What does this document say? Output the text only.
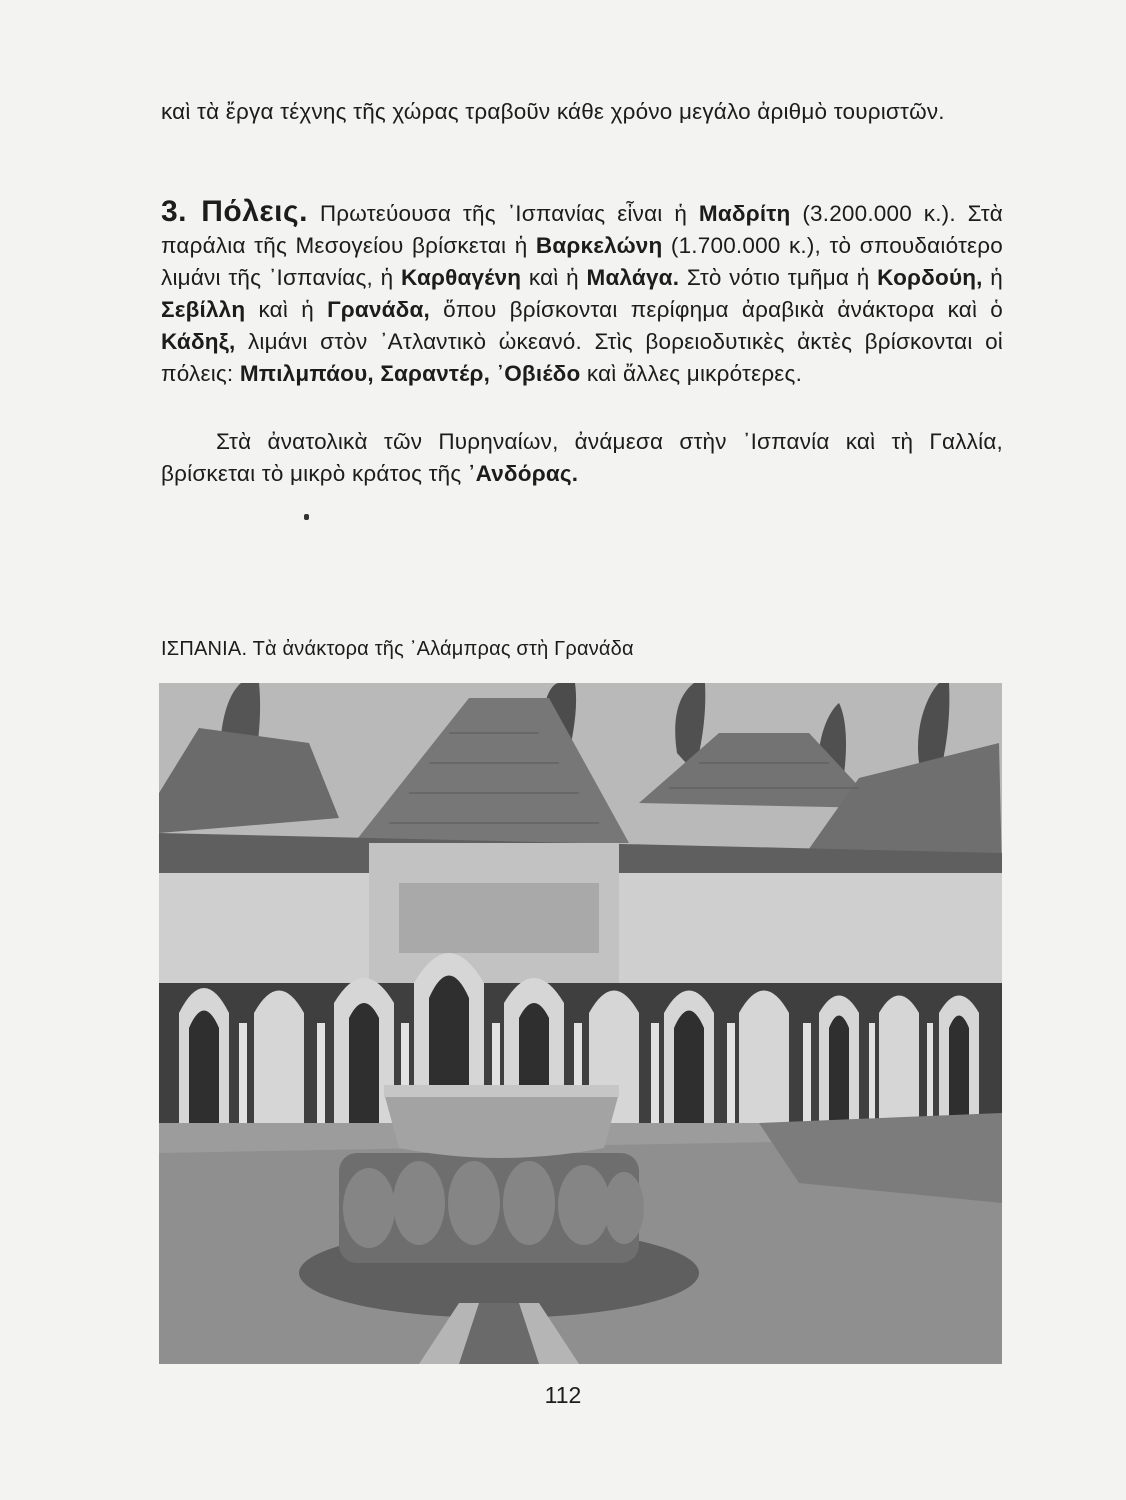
καὶ τὰ ἔργα τέχνης τῆς χώρας τραβοῦν κάθε χρόνο μεγάλο ἀριθμὸ τουριστῶν.
3. Πόλεις. Πρωτεύουσα τῆς ᾿Ισπανίας εἶναι ἡ Μαδρίτη (3.200.000 κ.). Στὰ παράλια τῆς Μεσογείου βρίσκεται ἡ Βαρκελώνη (1.700.000 κ.), τὸ σπουδαιότερο λιμάνι τῆς ᾿Ισπανίας, ἡ Καρθαγένη καὶ ἡ Μαλάγα. Στὸ νότιο τμῆμα ἡ Κορδούη, ἡ Σεβίλλη καὶ ἡ Γρανάδα, ὅπου βρίσκονται περίφημα ἀραβικὰ ἀνάκτορα καὶ ὁ Κάδηξ, λιμάνι στὸν ᾿Ατλαντικὸ ὠκεανό. Στὶς βορειοδυτικὲς ἀκτὲς βρίσκονται οἱ πόλεις: Μπιλμπάου, Σαραντέρ, ᾿Οβιέδο καὶ ἄλλες μικρότερες.
Στὰ ἀνατολικὰ τῶν Πυρηναίων, ἀνάμεσα στὴν ᾿Ισπανία καὶ τὴ Γαλλία, βρίσκεται τὸ μικρὸ κράτος τῆς ᾿Ανδόρας.
ΙΣΠΑΝΙΑ. Τὰ ἀνάκτορα τῆς ᾿Αλάμπρας στὴ Γρανάδα
112
